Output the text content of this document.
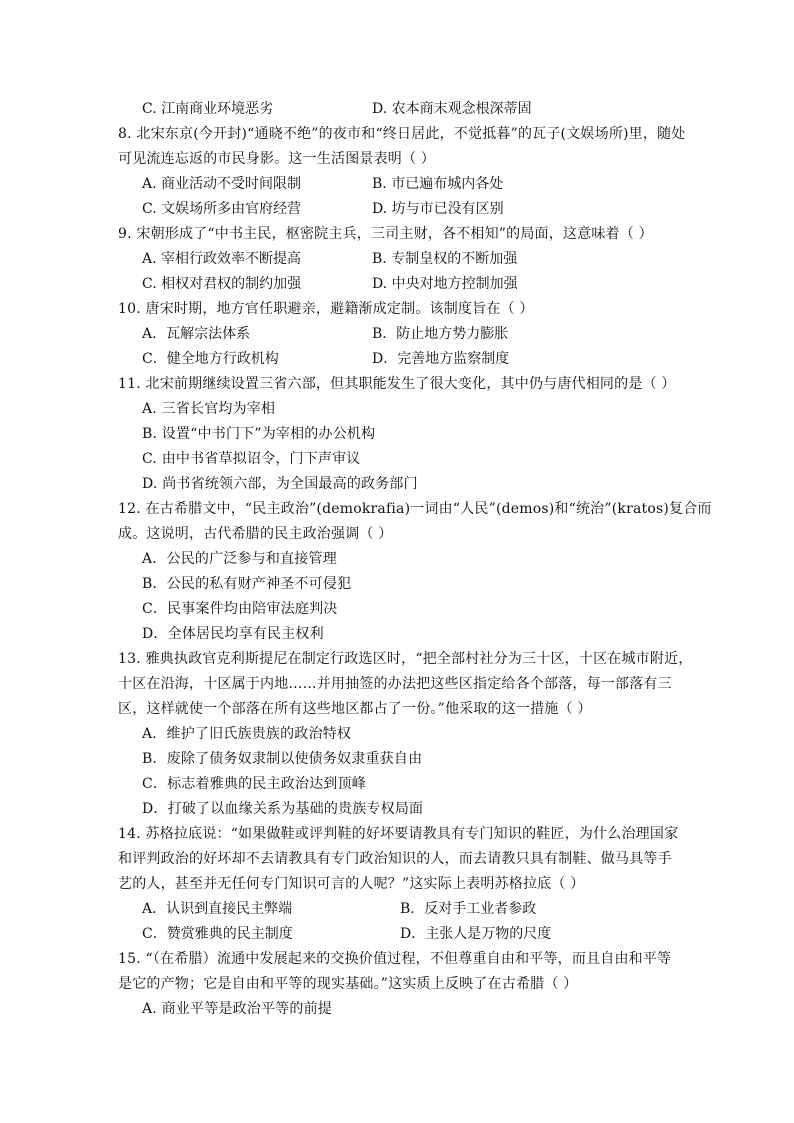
C. 江南商业环境恶劣	D. 农本商末观念根深蒂固
8. 北宋东京(今开封)“通晓不绝”的夜市和“终日居此，不觉抵暮”的瓦子(文娱场所)里，随处
可见流连忘返的市民身影。这一生活图景表明（ ）
A. 商业活动不受时间限制	B. 市已遍布城内各处
C. 文娱场所多由官府经营	D. 坊与市已没有区别
9. 宋朝形成了“中书主民，枢密院主兵，三司主财，各不相知”的局面，这意味着（ ）
A. 宰相行政效率不断提高	B. 专制皇权的不断加强
C. 相权对君权的制约加强	D. 中央对地方控制加强
10. 唐宋时期，地方官任职避亲，避籍渐成定制。该制度旨在（ ）
A．瓦解宗法体系	B．防止地方势力膨胀
C．健全地方行政机构	D．完善地方监察制度
11. 北宋前期继续设置三省六部，但其职能发生了很大变化，其中仍与唐代相同的是（ ）
A. 三省长官均为宰相
B. 设置“中书门下”为宰相的办公机构
C. 由中书省草拟诏令，门下声审议
D. 尚书省统领六部，为全国最高的政务部门
12. 在古希腊文中，“民主政治”(demokrafia)一词由“人民”(demos)和“统治”(kratos)复合而
成。这说明，古代希腊的民主政治强调（ ）
A．公民的广泛参与和直接管理
B．公民的私有财产神圣不可侵犯
C．民事案件均由陪审法庭判决
D．全体居民均享有民主权利
13. 雅典执政官克利斯提尼在制定行政选区时，“把全部村社分为三十区，十区在城市附近，
十区在沿海，十区属于内地……并用抽签的办法把这些区指定给各个部落，每一部落有三
区，这样就使一个部落在所有这些地区都占了一份。”他采取的这一措施（ ）
A．维护了旧氏族贵族的政治特权
B．废除了债务奴隶制以使债务奴隶重获自由
C．标志着雅典的民主政治达到顶峰
D．打破了以血缘关系为基础的贵族专权局面
14. 苏格拉底说：“如果做鞋或评判鞋的好坏要请教具有专门知识的鞋匠，为什么治理国家
和评判政治的好坏却不去请教具有专门政治知识的人，而去请教只具有制鞋、做马具等手
艺的人，甚至并无任何专门知识可言的人呢？”这实际上表明苏格拉底（ ）
A．认识到直接民主弊端	B．反对手工业者参政
C．赞赏雅典的民主制度	D．主张人是万物的尺度
15. “（在希腊）流通中发展起来的交换价值过程，不但尊重自由和平等，而且自由和平等
是它的产物；它是自由和平等的现实基础。”这实质上反映了在古希腊（ ）
A. 商业平等是政治平等的前提
